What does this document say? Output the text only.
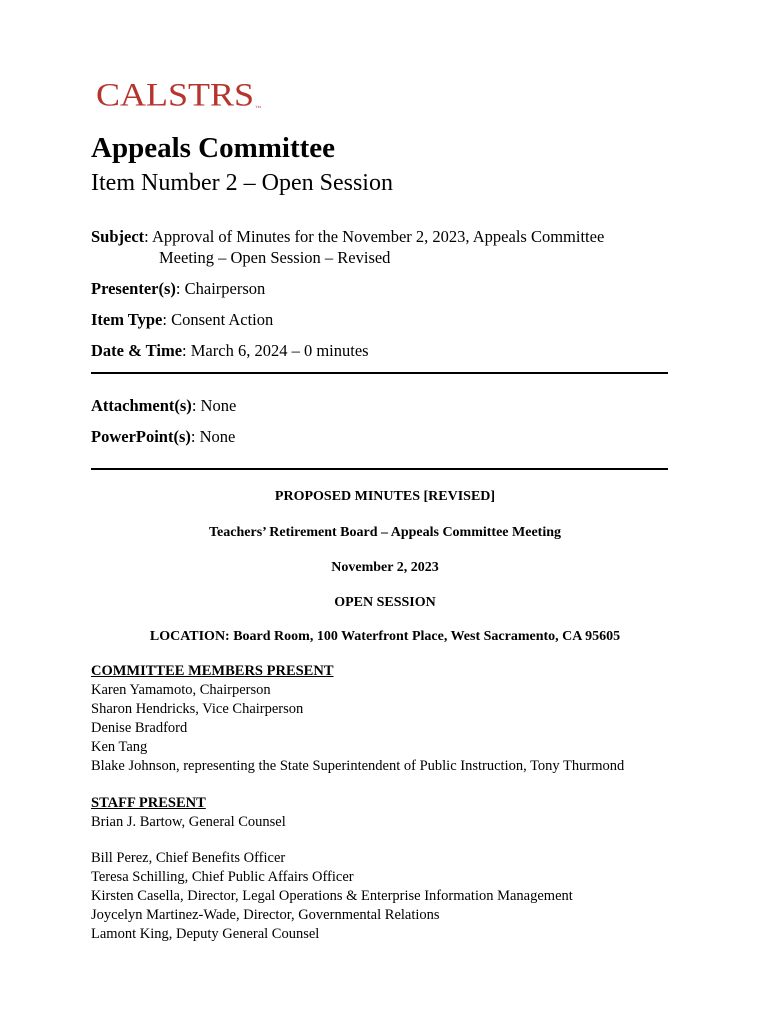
CALSTRS™
Appeals Committee
Item Number 2 – Open Session
Subject: Approval of Minutes for the November 2, 2023, Appeals Committee
Meeting – Open Session – Revised
Presenter(s): Chairperson
Item Type: Consent Action
Date & Time: March 6, 2024 – 0 minutes
Attachment(s): None
PowerPoint(s): None
PROPOSED MINUTES [REVISED]
Teachers’ Retirement Board – Appeals Committee Meeting
November 2, 2023
OPEN SESSION
LOCATION: Board Room, 100 Waterfront Place, West Sacramento, CA 95605
COMMITTEE MEMBERS PRESENT
Karen Yamamoto, Chairperson
Sharon Hendricks, Vice Chairperson
Denise Bradford
Ken Tang
Blake Johnson, representing the State Superintendent of Public Instruction, Tony Thurmond
STAFF PRESENT
Brian J. Bartow, General Counsel
Bill Perez, Chief Benefits Officer
Teresa Schilling, Chief Public Affairs Officer
Kirsten Casella, Director, Legal Operations & Enterprise Information Management
Joycelyn Martinez-Wade, Director, Governmental Relations
Lamont King, Deputy General Counsel
